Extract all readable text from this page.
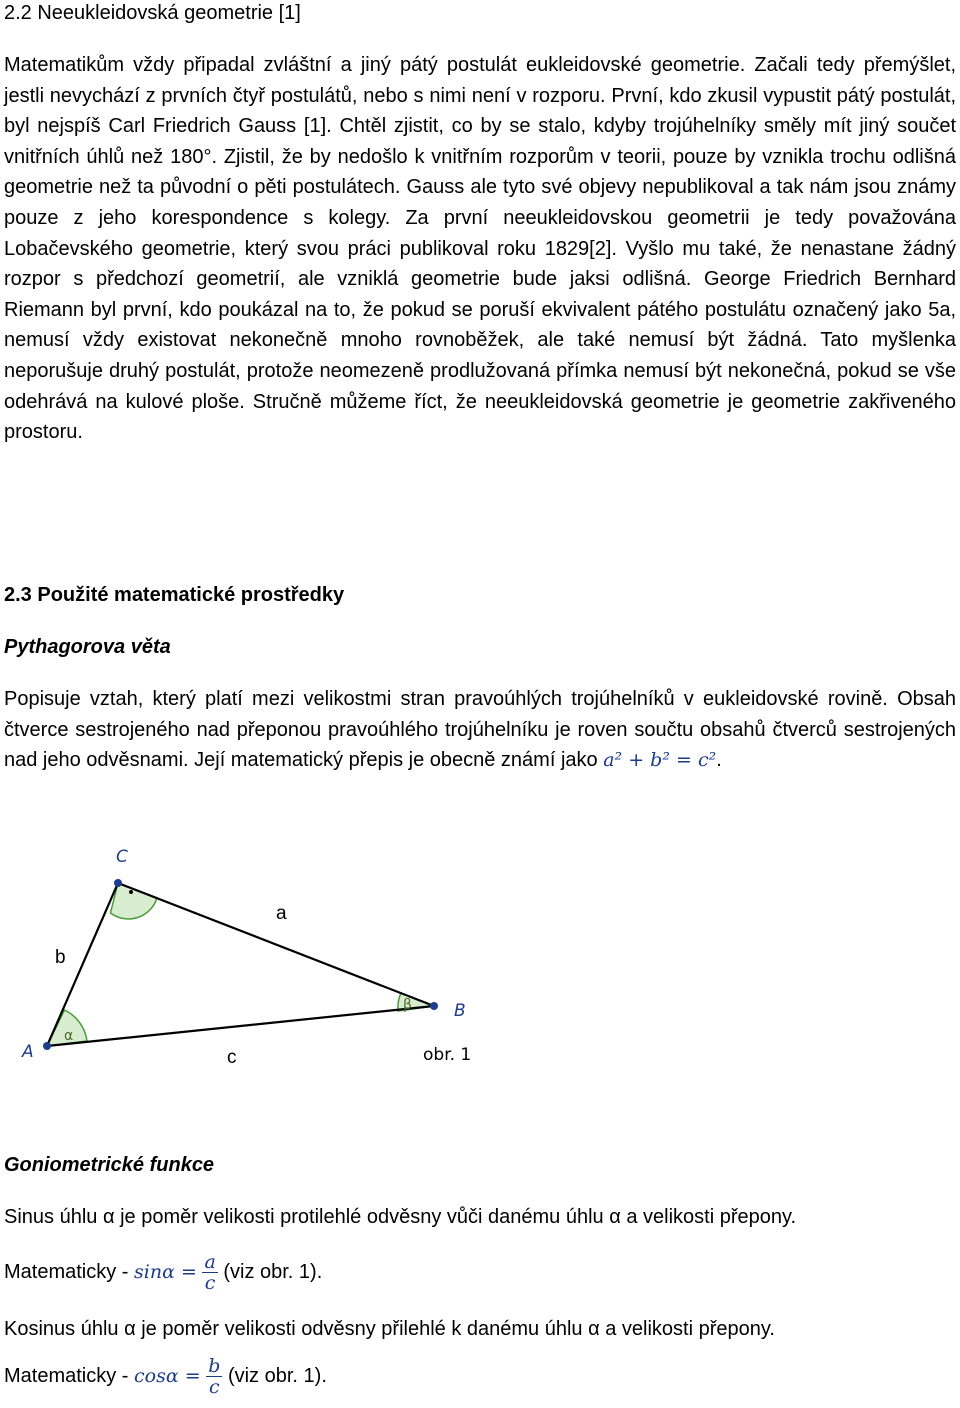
2.2 Neeukleidovská geometrie [1]

Matematikům vždy připadal zvláštní a jiný pátý postulát eukleidovské geometrie. Začali tedy přemýšlet, jestli nevychází z prvních čtyř postulátů, nebo s nimi není v rozporu. První, kdo zkusil vypustit pátý postulát, byl nejspíš Carl Friedrich Gauss [1]. Chtěl zjistit, co by se stalo, kdyby trojúhelníky směly mít jiný součet vnitřních úhlů než 180°. Zjistil, že by nedošlo k vnitřním rozporům v teorii, pouze by vznikla trochu odlišná geometrie než ta původní o pěti postulátech. Gauss ale tyto své objevy nepublikoval a tak nám jsou známy pouze z jeho korespondence s kolegy. Za první neeukleidovskou geometrii je tedy považována Lobačevského geometrie, který svou práci publikoval roku 1829[2]. Vyšlo mu také, že nenastane žádný rozpor s předchozí geometrií, ale vzniklá geometrie bude jaksi odlišná. George Friedrich Bernhard Riemann byl první, kdo poukázal na to, že pokud se poruší ekvivalent pátého postulátu označený jako 5a, nemusí vždy existovat nekonečně mnoho rovnoběžek, ale také nemusí být žádná. Tato myšlenka neporušuje druhý postulát, protože neomezeně prodlužovaná přímka nemusí být nekonečná, pokud se vše odehrává na kulové ploše. Stručně můžeme říct, že neeukleidovská geometrie je geometrie zakřiveného prostoru.

2.3 Použité matematické prostředky
Pythagorova věta

Popisuje vztah, který platí mezi velikostmi stran pravoúhlých trojúhelníků v eukleidovské rovině. Obsah čtverce sestrojeného nad přeponou pravoúhlého trojúhelníku je roven součtu obsahů čtverců sestrojených nad jeho odvěsnami. Její matematický přepis je obecně známí jako a² + b² = c².

C
A
B
a
b
c
α
β
obr. 1
Goniometrické funkce
Sinus úhlu α je poměr velikosti protilehlé odvěsny vůči danému úhlu α a velikosti přepony.
Matematicky - $\sin\alpha = \frac{a}{c} (viz$ obr. 1).
Kosinus úhlu α je poměr velikosti odvěsny přilehlé k danému úhlu α a velikosti přepony.
Matematicky - $\cos\alpha = \frac{b}{c} (viz$ obr. 1).
